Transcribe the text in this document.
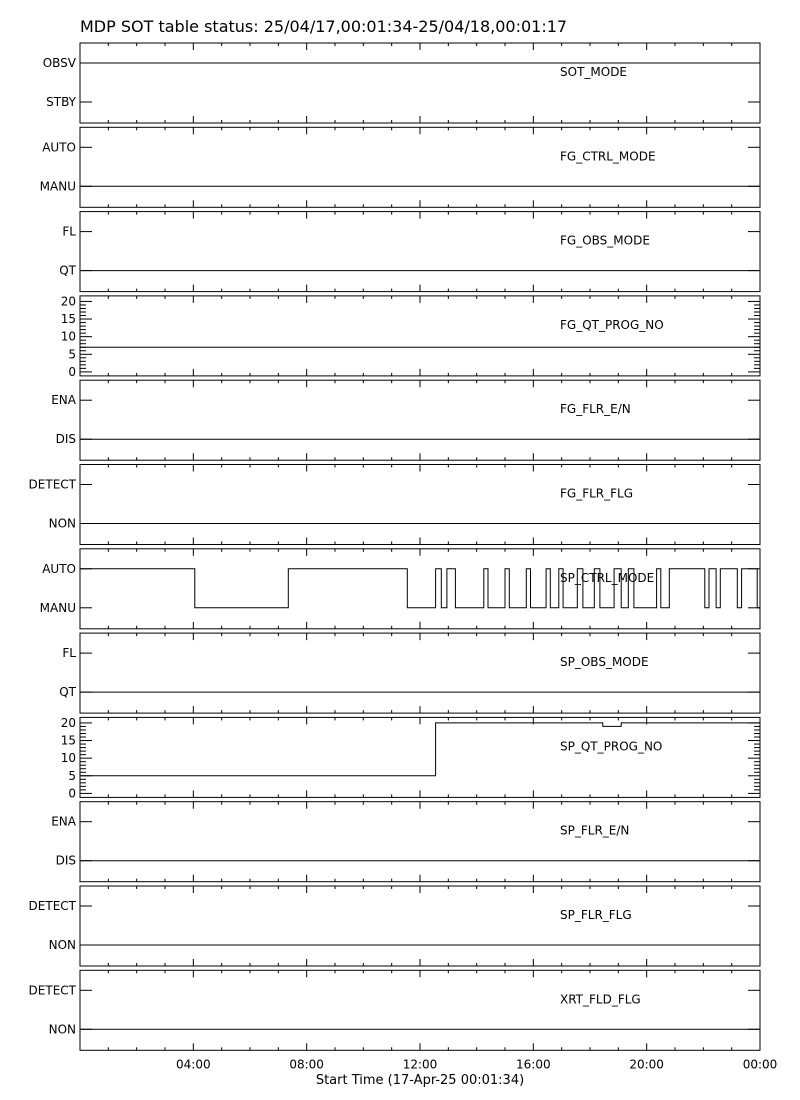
MDP SOT table status: 25/04/17,00:01:34-25/04/18,00:01:17
OBSV
STBY
SOT_MODE
AUTO
MANU
FG_CTRL_MODE
FL
QT
FG_OBS_MODE
0
5
10
15
20
FG_QT_PROG_NO
ENA
DIS
FG_FLR_E/N
DETECT
NON
FG_FLR_FLG
AUTO
MANU
SP_CTRL_MODE
FL
QT
SP_OBS_MODE
0
5
10
15
20
SP_QT_PROG_NO
ENA
DIS
SP_FLR_E/N
DETECT
NON
SP_FLR_FLG
DETECT
NON
XRT_FLD_FLG
04:00	08:00	12:00	16:00	20:00	00:00
Start Time (17-Apr-25 00:01:34)
